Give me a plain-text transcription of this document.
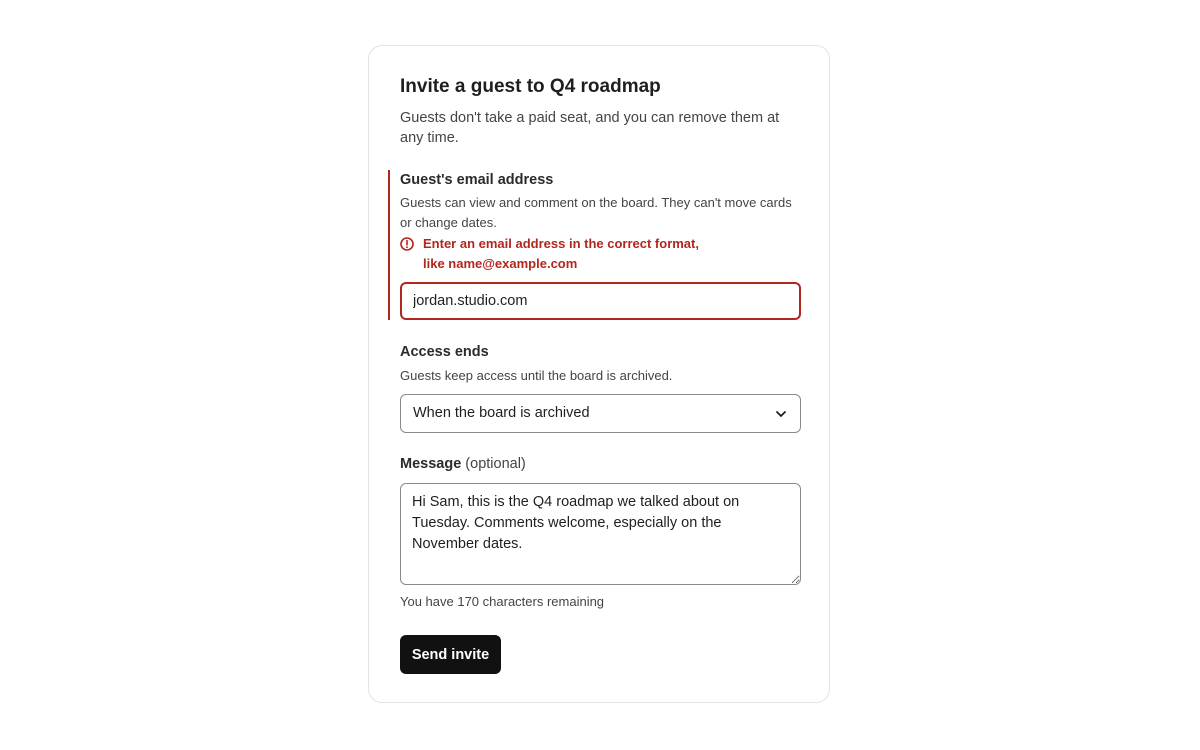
Invite a guest to Q4 roadmap

Guests don't take a paid seat, and you can remove them at any time.

Guest's email address
Guests can view and comment on the board. They can't move cards or change dates.
Enter an email address in the correct format, like name@example.com
jordan.studio.com
Access ends
Guests keep access until the board is archived.
When the board is archived
Message (optional)
Hi Sam, this is the Q4 roadmap we talked about on Tuesday. Comments welcome, especially on the November dates.
You have 170 characters remaining
Send invite
